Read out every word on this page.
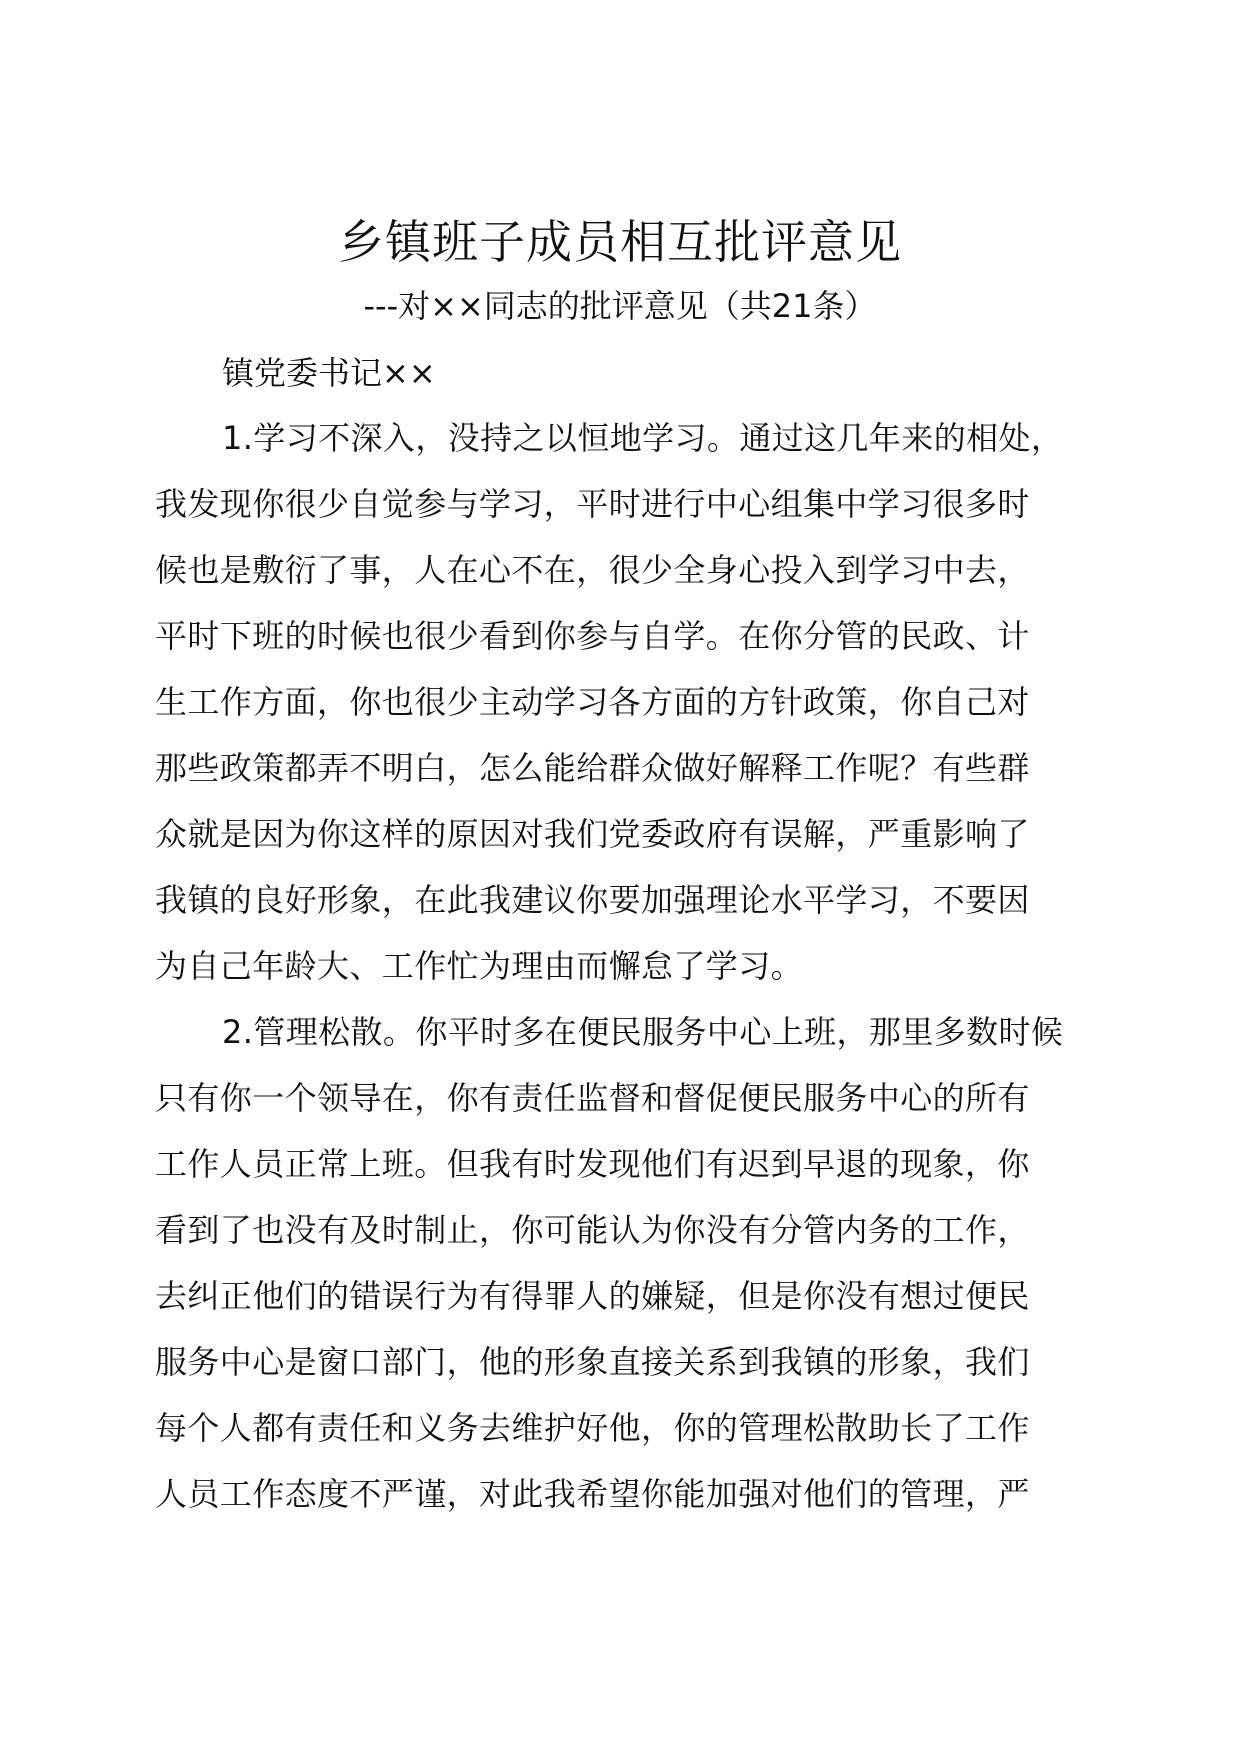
乡镇班子成员相互批评意见
---对××同志的批评意见（共21条）
镇党委书记××
1.学习不深入，没持之以恒地学习。通过这几年来的相处，
我发现你很少自觉参与学习，平时进行中心组集中学习很多时
候也是敷衍了事，人在心不在，很少全身心投入到学习中去，
平时下班的时候也很少看到你参与自学。在你分管的民政、计
生工作方面，你也很少主动学习各方面的方针政策，你自己对
那些政策都弄不明白，怎么能给群众做好解释工作呢？有些群
众就是因为你这样的原因对我们党委政府有误解，严重影响了
我镇的良好形象，在此我建议你要加强理论水平学习，不要因
为自己年龄大、工作忙为理由而懈怠了学习。
2.管理松散。你平时多在便民服务中心上班，那里多数时候
只有你一个领导在，你有责任监督和督促便民服务中心的所有
工作人员正常上班。但我有时发现他们有迟到早退的现象，你
看到了也没有及时制止，你可能认为你没有分管内务的工作，
去纠正他们的错误行为有得罪人的嫌疑，但是你没有想过便民
服务中心是窗口部门，他的形象直接关系到我镇的形象，我们
每个人都有责任和义务去维护好他，你的管理松散助长了工作
人员工作态度不严谨，对此我希望你能加强对他们的管理，严
